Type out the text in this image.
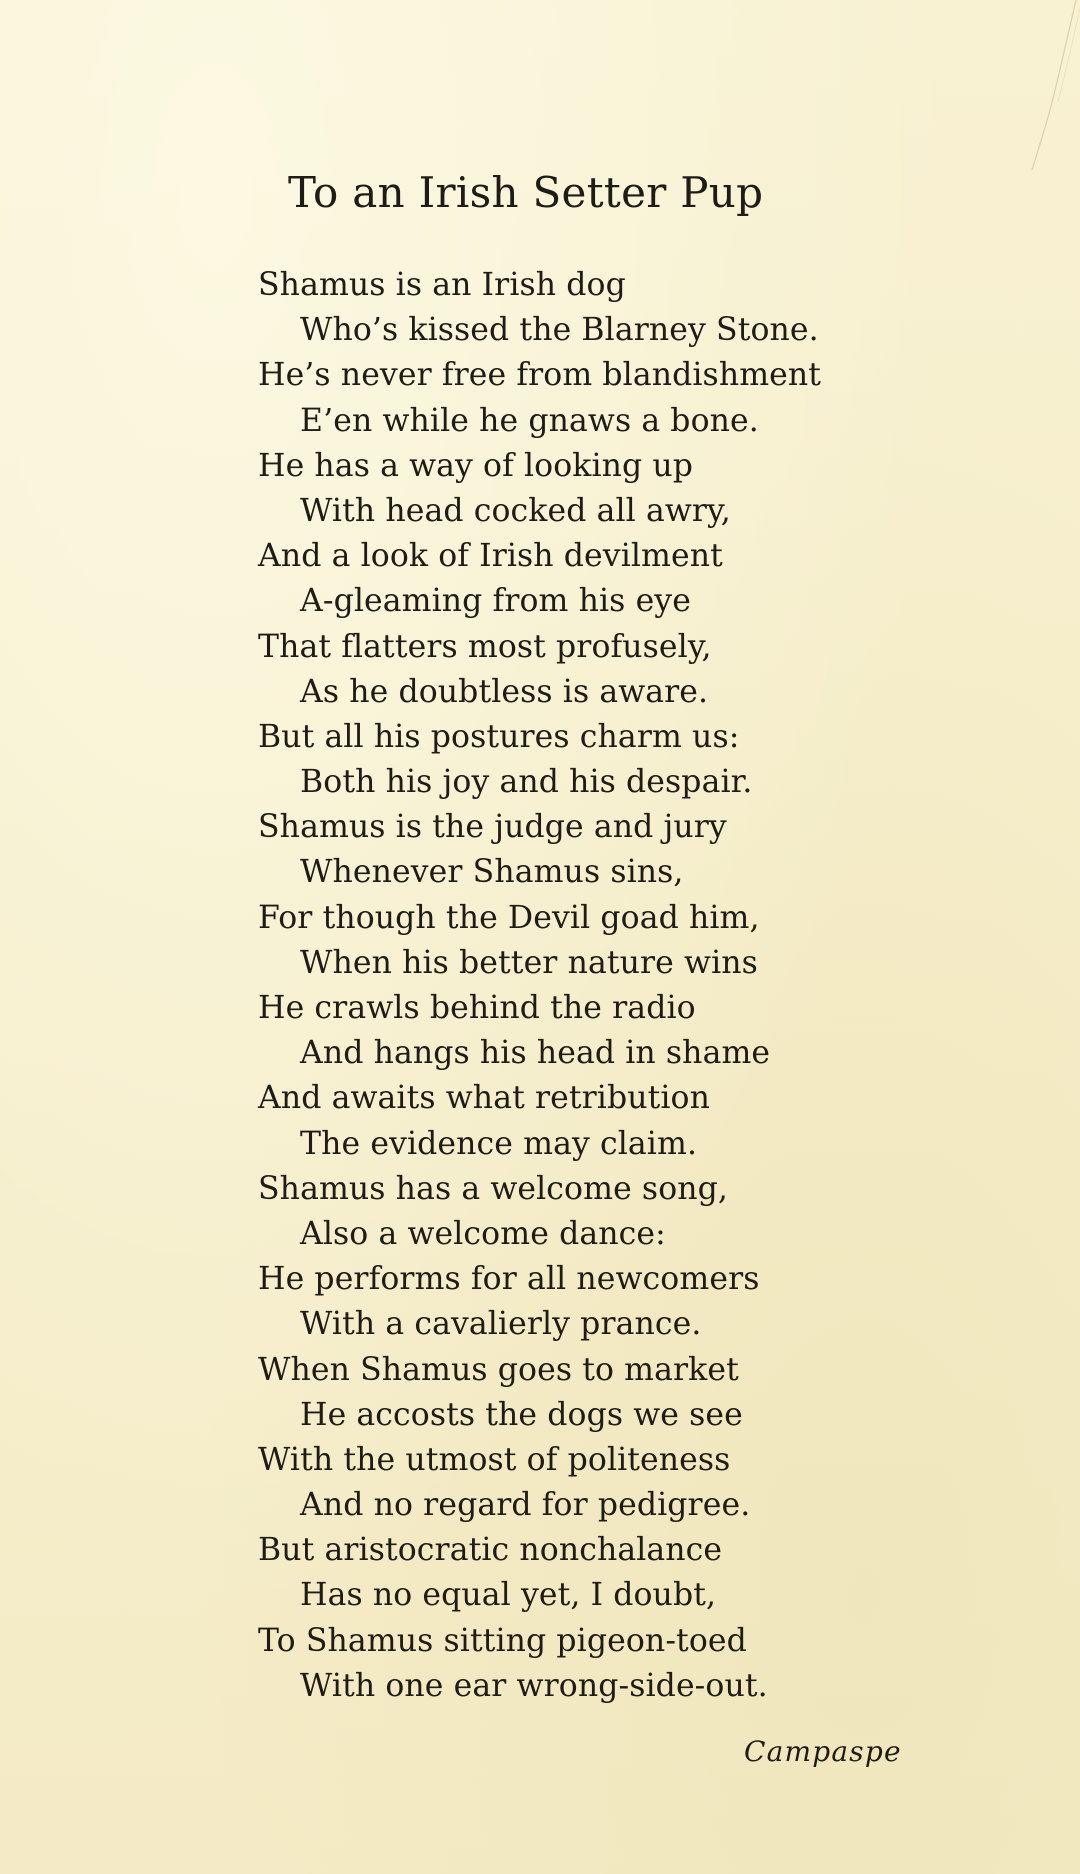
To an Irish Setter Pup
Shamus is an Irish dog
Who’s kissed the Blarney Stone.
He’s never free from blandishment
E’en while he gnaws a bone.
He has a way of looking up
With head cocked all awry,
And a look of Irish devilment
A-gleaming from his eye
That flatters most profusely,
As he doubtless is aware.
But all his postures charm us:
Both his joy and his despair.
Shamus is the judge and jury
Whenever Shamus sins,
For though the Devil goad him,
When his better nature wins
He crawls behind the radio
And hangs his head in shame
And awaits what retribution
The evidence may claim.
Shamus has a welcome song,
Also a welcome dance:
He performs for all newcomers
With a cavalierly prance.
When Shamus goes to market
He accosts the dogs we see
With the utmost of politeness
And no regard for pedigree.
But aristocratic nonchalance
Has no equal yet, I doubt,
To Shamus sitting pigeon-toed
With one ear wrong-side-out.

Campaspe
